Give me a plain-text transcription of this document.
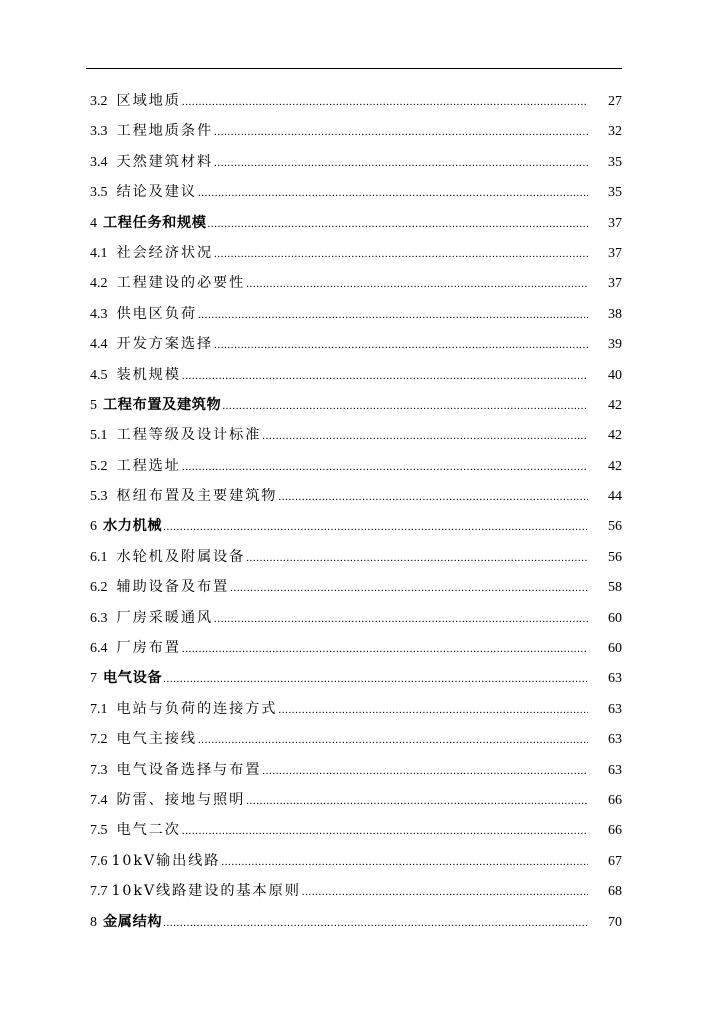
3.2 区域地质 .....	27
3.3 工程地质条件 .....	32
3.4 天然建筑材料 .....	35
3.5 结论及建议 .....	35
4 工程任务和规模 .....	37
4.1 社会经济状况 .....	37
4.2 工程建设的必要性 .....	37
4.3 供电区负荷 .....	38
4.4 开发方案选择 .....	39
4.5 装机规模 .....	40
5 工程布置及建筑物 .....	42
5.1 工程等级及设计标准 .....	42
5.2 工程选址 .....	42
5.3 枢纽布置及主要建筑物 .....	44
6 水力机械 .....	56
6.1 水轮机及附属设备 .....	56
6.2 辅助设备及布置 .....	58
6.3 厂房采暖通风 .....	60
6.4 厂房布置 .....	60
7 电气设备 .....	63
7.1 电站与负荷的连接方式 .....	63
7.2 电气主接线 .....	63
7.3 电气设备选择与布置 .....	63
7.4 防雷、接地与照明 .....	66
7.5 电气二次 .....	66
7.6 10kV输出线路 .....	67
7.7 10kV线路建设的基本原则 .....	68
8 金属结构 .....	70
